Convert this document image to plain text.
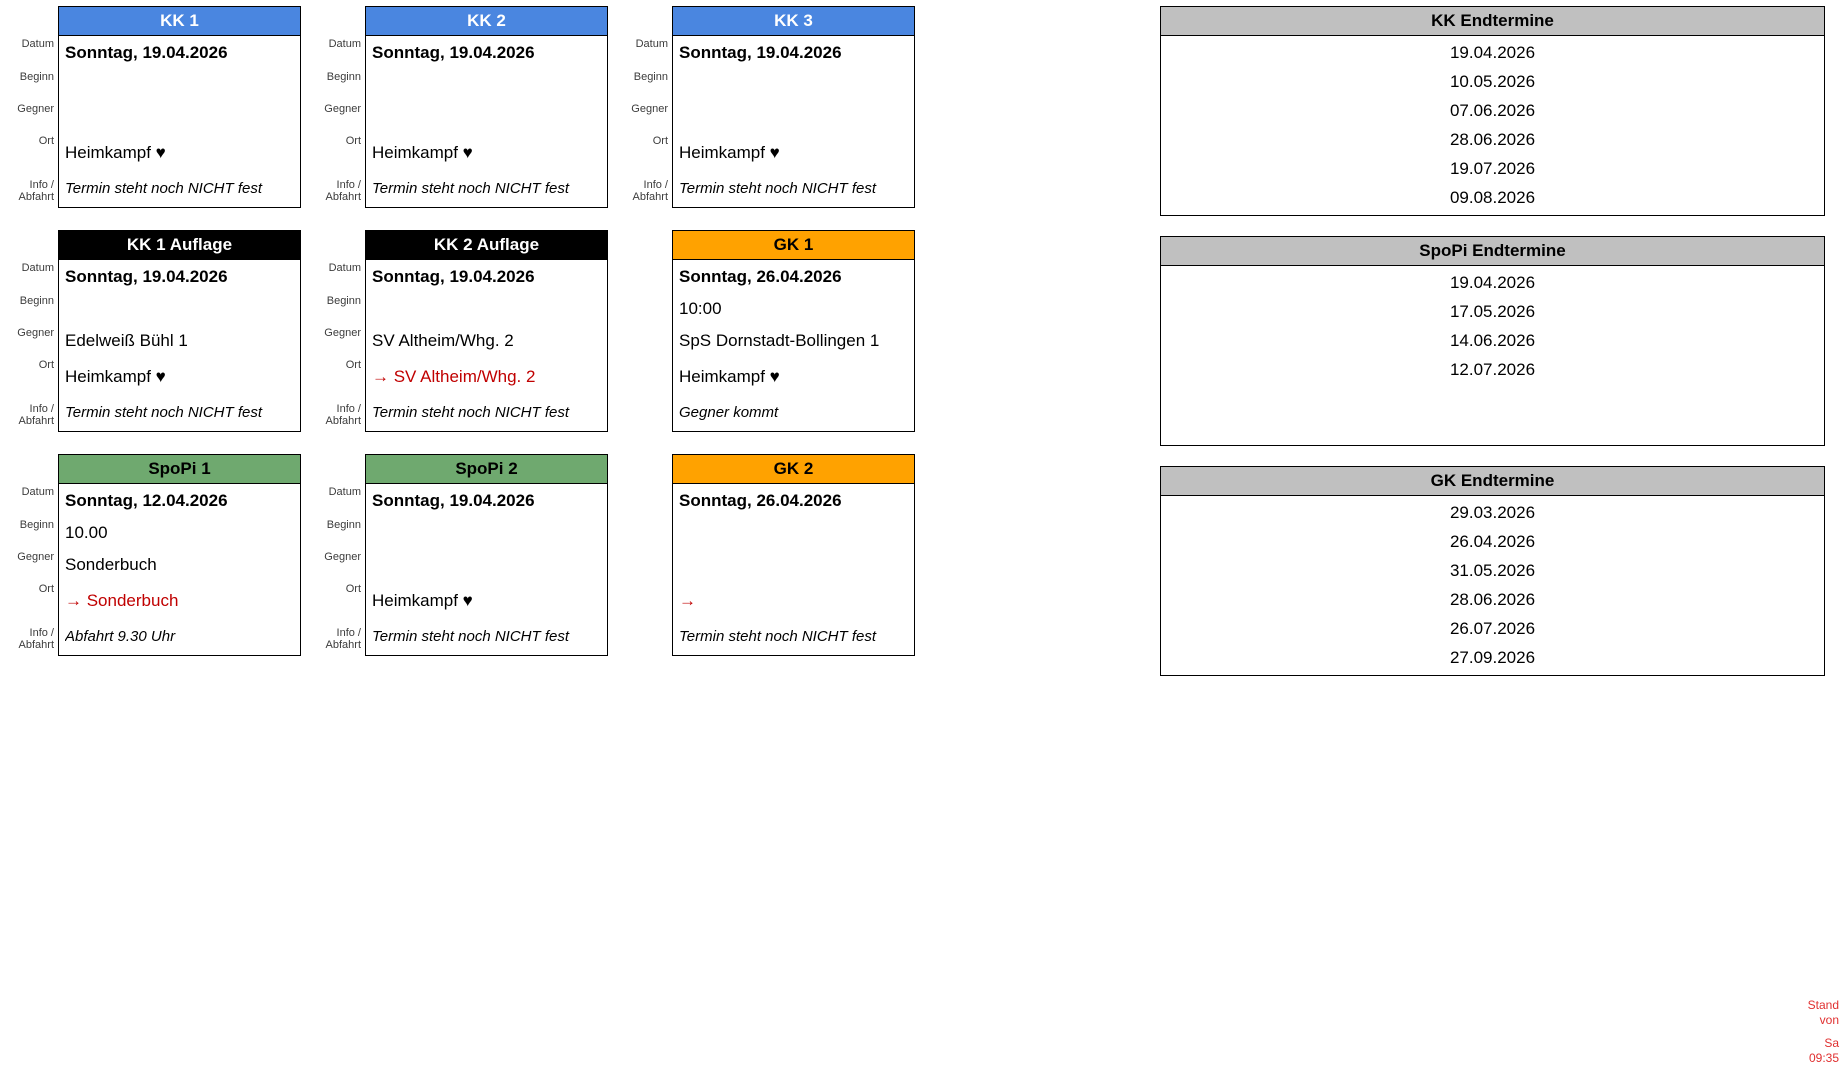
Datum
Beginn
Gegner
Ort
Info /
Abfahrt
KK 1
Sonntag, 19.04.2026
Heimkampf ♥
Termin steht noch NICHT fest
Datum
Beginn
Gegner
Ort
Info /
Abfahrt
KK 2
Sonntag, 19.04.2026
Heimkampf ♥
Termin steht noch NICHT fest
Datum
Beginn
Gegner
Ort
Info /
Abfahrt
KK 3
Sonntag, 19.04.2026
Heimkampf ♥
Termin steht noch NICHT fest
Datum
Beginn
Gegner
Ort
Info /
Abfahrt
KK 1 Auflage
Sonntag, 19.04.2026
Edelweiß Bühl 1
Heimkampf ♥
Termin steht noch NICHT fest
Datum
Beginn
Gegner
Ort
Info /
Abfahrt
KK 2 Auflage
Sonntag, 19.04.2026
SV Altheim/Whg. 2
→ SV Altheim/Whg. 2
Termin steht noch NICHT fest
GK 1
Sonntag, 26.04.2026
10:00
SpS Dornstadt-Bollingen 1
Heimkampf ♥
Gegner kommt
Datum
Beginn
Gegner
Ort
Info /
Abfahrt
SpoPi 1
Sonntag, 12.04.2026
10.00
Sonderbuch
→ Sonderbuch
Abfahrt 9.30 Uhr
Datum
Beginn
Gegner
Ort
Info /
Abfahrt
SpoPi 2
Sonntag, 19.04.2026
Heimkampf ♥
Termin steht noch NICHT fest
GK 2
Sonntag, 26.04.2026
→
Termin steht noch NICHT fest
KK Endtermine
19.04.2026
10.05.2026
07.06.2026
28.06.2026
19.07.2026
09.08.2026
SpoPi Endtermine
19.04.2026
17.05.2026
14.06.2026
12.07.2026
GK Endtermine
29.03.2026
26.04.2026
31.05.2026
28.06.2026
26.07.2026
27.09.2026
Stand
von
Sa
09:35
